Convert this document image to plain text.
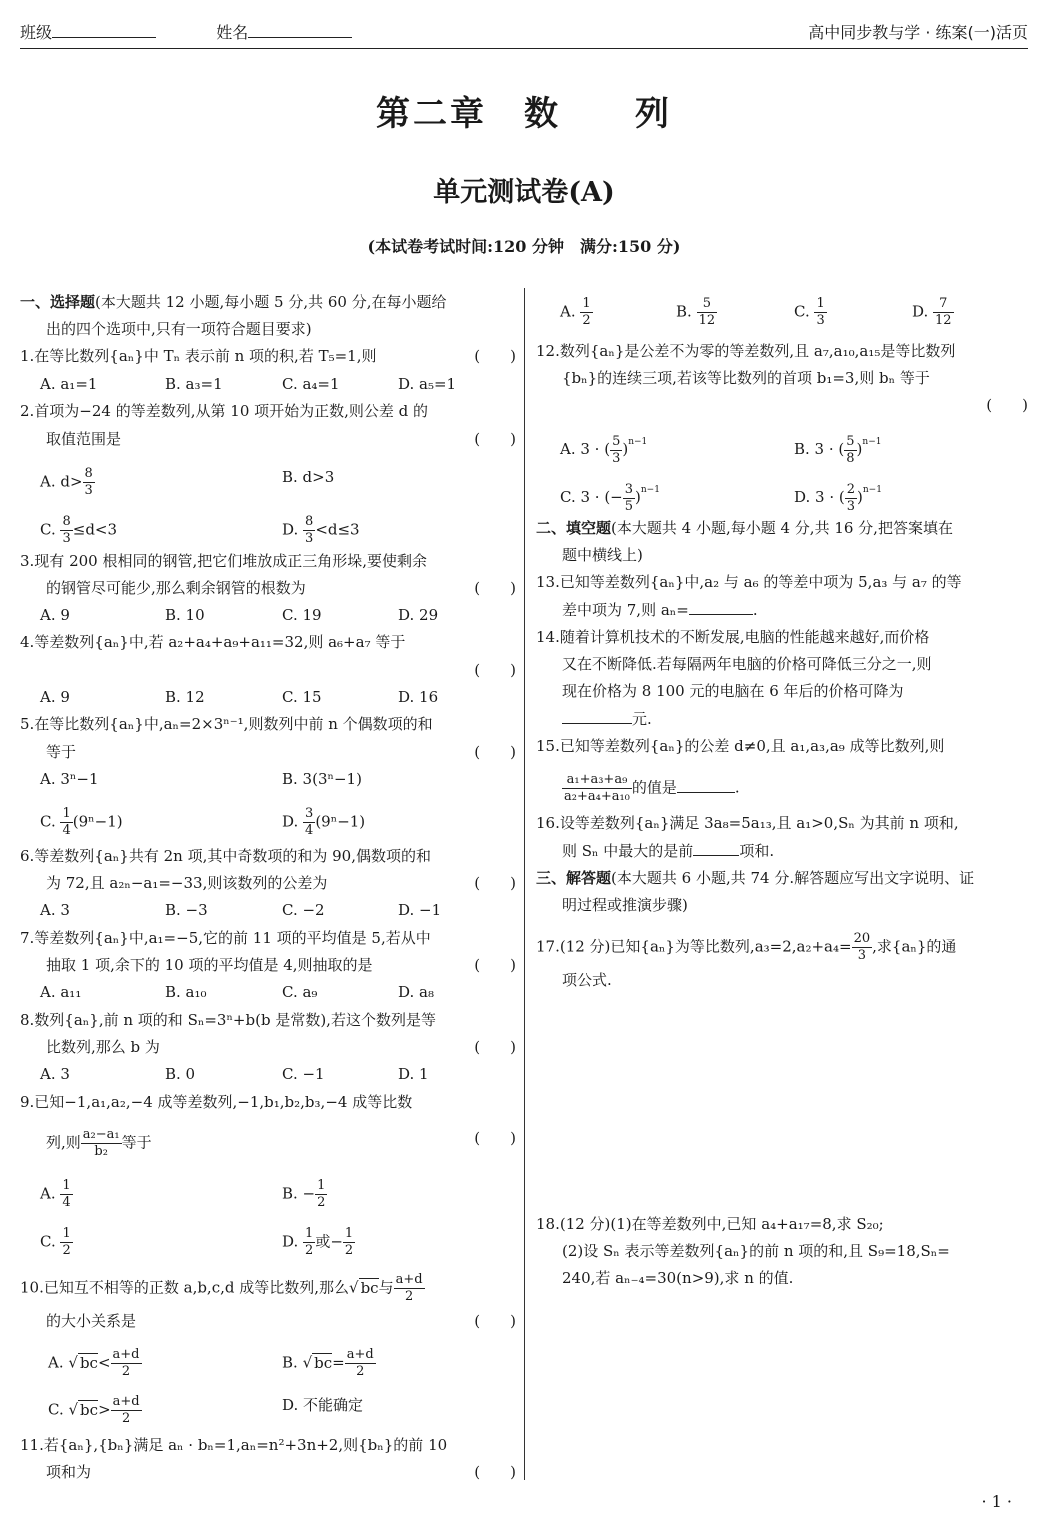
班级	姓名	高中同步教与学 · 练案(一)活页
第二章　数　　列
单元测试卷(A)
(本试卷考试时间:120 分钟　满分:150 分)
一、选择题(本大题共 12 小题,每小题 5 分,共 60 分,在每小题给
出的四个选项中,只有一项符合题目要求)
1.在等比数列{aₙ}中 Tₙ 表示前 n 项的积,若 T₅=1,则	(　　)
A. a₁=1	B. a₃=1	C. a₄=1	D. a₅=1
2.首项为−24 的等差数列,从第 10 项开始为正数,则公差 d 的
取值范围是	(　　)
A. $d> \frac{8}{3}$	B. d>3
C. $\frac{8}{3} \le d<3$	D. $\frac{8}{3} <d\le 3$
3.现有 200 根相同的钢管,把它们堆放成正三角形垛,要使剩余
的钢管尽可能少,那么剩余钢管的根数为	(　　)
A. 9	B. 10	C. 19	D. 29
4.等差数列{aₙ}中,若 a₂+a₄+a₉+a₁₁=32,则 a₆+a₇ 等于
(　　)
A. 9	B. 12	C. 15	D. 16
5.在等比数列{aₙ}中,aₙ=2×3ⁿ⁻¹,则数列中前 n 个偶数项的和
等于	(　　)
A. 3ⁿ−1	B. 3(3ⁿ−1)
C. $\frac{1}{4} (9^n-1)$	D. $\frac{3}{4} (9^n-1)$
6.等差数列{aₙ}共有 2n 项,其中奇数项的和为 90,偶数项的和
为 72,且 a₂ₙ−a₁=−33,则该数列的公差为	(　　)
A. 3	B. −3	C. −2	D. −1
7.等差数列{aₙ}中,a₁=−5,它的前 11 项的平均值是 5,若从中
抽取 1 项,余下的 10 项的平均值是 4,则抽取的是	(　　)
A. a₁₁	B. a₁₀	C. a₉	D. a₈
8.数列{aₙ},前 n 项的和 Sₙ=3ⁿ+b(b 是常数),若这个数列是等
比数列,那么 b 为	(　　)
A. 3	B. 0	C. −1	D. 1
9.已知−1,a₁,a₂,−4 成等差数列,−1,b₁,b₂,b₃,−4 成等比数
列,则 $\frac{\text{a₂−a₁}}{\text{b₂}}$ 等于	(　　)
A. $\frac{1}{4}$	B. − $\frac{1}{2}$
C. $\frac{1}{2}$	D. $\frac{1}{2}$ 或− $\frac{1}{2}$
10.已知互不相等的正数 a,b,c,d 成等比数列,那么√ bc与 $\frac{a+d}{2}$
的大小关系是	(　　)
A. √ $bc< \frac{a+d}{2}$	B. √ $bc= \frac{a+d}{2}$
C. √ $bc> \frac{a+d}{2}$	D. 不能确定
11.若{aₙ},{bₙ}满足 aₙ · bₙ=1,aₙ=n²+3n+2,则{bₙ}的前 10
项和为	(　　)
A. $\frac{1}{2}$	B. $\frac{5}{12}$	C. $\frac{1}{3}$	D. $\frac{7}{12}$
12.数列{aₙ}是公差不为零的等差数列,且 a₇,a₁₀,a₁₅是等比数列
{bₙ}的连续三项,若该等比数列的首项 b₁=3,则 bₙ 等于
(　　)
A. 3 · ( $\frac{5}{3} )^{n-1}$	B. 3 · ( $\frac{5}{8} )^{n-1}$
C. 3 · (− $\frac{3}{5} )^{n-1}$	D. 3 · ( $\frac{2}{3} )^{n-1}$
二、填空题(本大题共 4 小题,每小题 4 分,共 16 分,把答案填在
题中横线上)
13.已知等差数列{aₙ}中,a₂ 与 a₆ 的等差中项为 5,a₃ 与 a₇ 的等
差中项为 7,则 aₙ=	.
14.随着计算机技术的不断发展,电脑的性能越来越好,而价格
又在不断降低.若每隔两年电脑的价格可降低三分之一,则
现在价格为 8 100 元的电脑在 6 年后的价格可降为
元.
15.已知等差数列{aₙ}的公差 d≠0,且 a₁,a₃,a₉ 成等比数列,则
$\frac{\text{a₁+a₃+a₉}}{\text{a₂+a₄+a₁₀}}$ 的值是	.
16.设等差数列{aₙ}满足 3a₈=5a₁₃,且 a₁>0,Sₙ 为其前 n 项和,
则 Sₙ 中最大的是前	项和.
三、解答题(本大题共 6 小题,共 74 分.解答题应写出文字说明、证
明过程或推演步骤)
17.(12 分)已知{aₙ}为等比数列$,a_3=2,a_2+a_4= \frac{20}{3}$ ,求{aₙ}的通
项公式.
18.(12 分)(1)在等差数列中,已知 a₄+a₁₇=8,求 S₂₀;
(2)设 Sₙ 表示等差数列{aₙ}的前 n 项的和,且 S₉=18,Sₙ=
240,若 aₙ₋₄=30(n>9),求 n 的值.
· 1 ·
